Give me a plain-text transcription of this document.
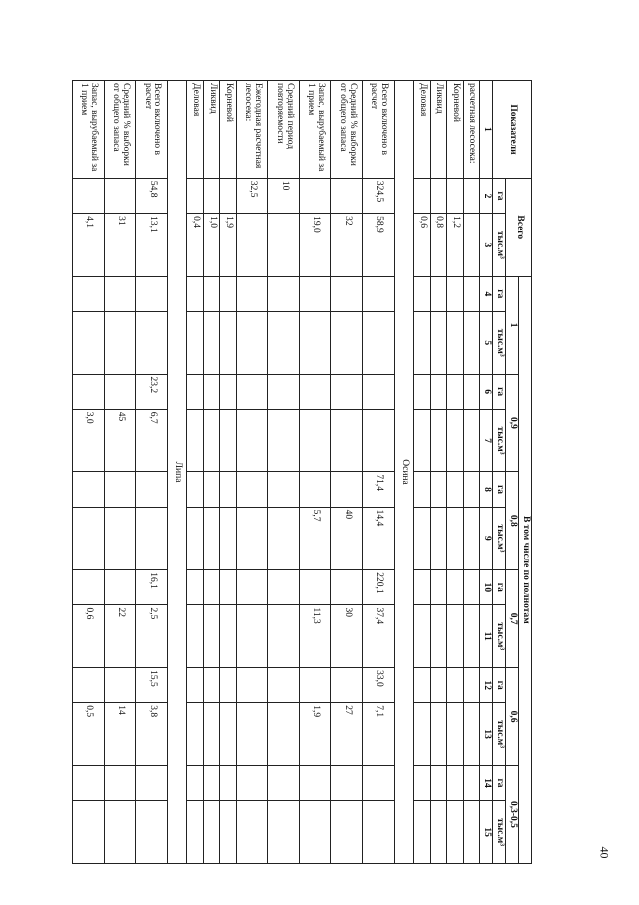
Показатели	Всего		В том числе по полнотам											
			1		0,9		0,8		0,7		0,6		0,3-0,5	
	га	тыс.м³	га	тыс.м³	га	тыс.м³	га	тыс.м³	га	тыс.м³	га	тыс.м³	га	тыс.м³
1	2	3	4	5	6	7	8	9	10	11	12	13	14	15
расчетная лесосека:														
Корневой		1,2												
Ликвид		0,8												
Деловая		0,6												
Осина														
Всего включено в расчет	324,5	58,9					71,4	14,4	220,1	37,4	33,0	7,1		
Средний % выборки от общего запаса		32						40		30		27		
Запас, вырубаемый за 1 прием		19,0						5,7		11,3		1,9		
Средний период повторяемости	10													
Ежегодная расчетная лесосека:	32,5													
Корневой		1,9												
Ликвид		1,0												
Деловая		0,4												
Липа														
Всего включено в расчет	54,8	13,1			23,2	6,7			16,1	2,5	15,5	3,8		
Средний % выборки от общего запаса		31				45				22		14		
Запас, вырубаемый за 1 прием		4,1				3,0				0,6		0,5		
40
